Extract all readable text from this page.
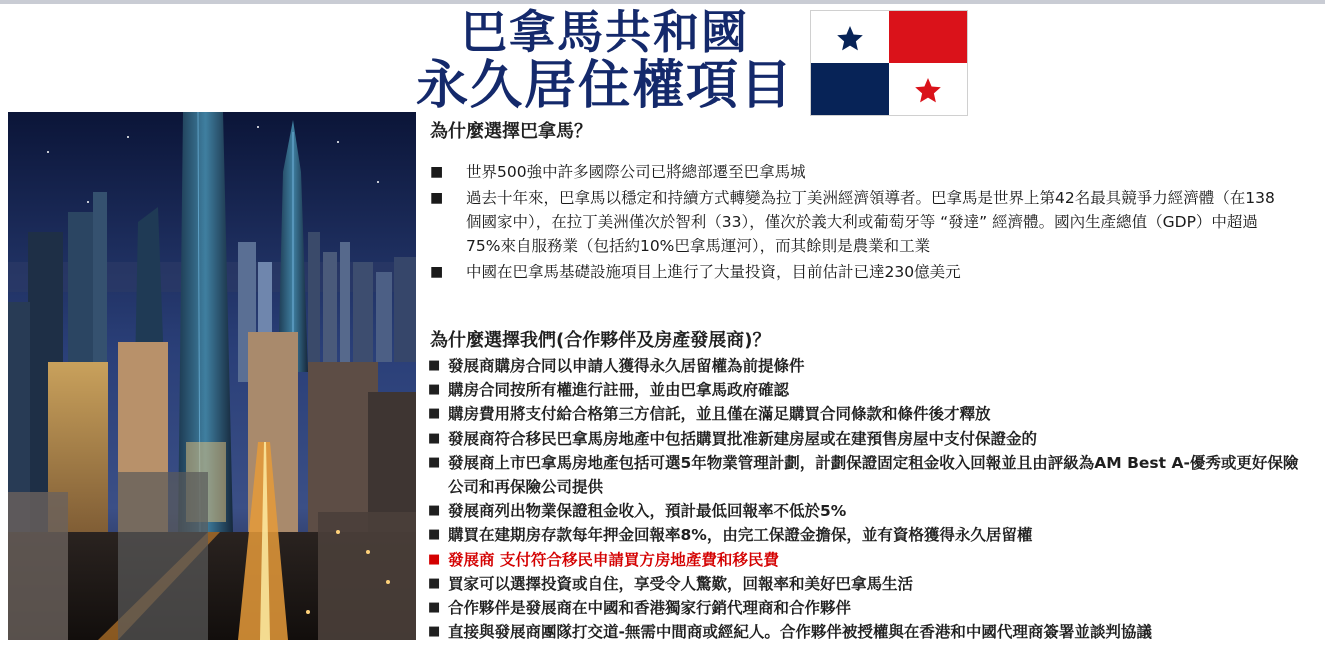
巴拿馬共和國
永久居住權項目
為什麼選擇巴拿馬？
■ 世界500強中許多國際公司已將總部遷至巴拿馬城
■ 過去十年來，巴拿馬以穩定和持續方式轉變為拉丁美洲經濟領導者。巴拿馬是世界上第42名最具競爭力經濟體（在138個國家中），在拉丁美洲僅次於智利（33），僅次於義大利或葡萄牙等 “發達” 經濟體。國內生產總值（GDP）中超過75%來自服務業（包括約10%巴拿馬運河），而其餘則是農業和工業
■ 中國在巴拿馬基礎設施項目上進行了大量投資，目前估計已達230億美元
為什麼選擇我們(合作夥伴及房產發展商)？
■ 發展商購房合同以申請人獲得永久居留權為前提條件
■ 購房合同按所有權進行註冊，並由巴拿馬政府確認
■ 購房費用將支付給合格第三方信託，並且僅在滿足購買合同條款和條件後才釋放
■ 發展商符合移民巴拿馬房地產中包括購買批准新建房屋或在建預售房屋中支付保證金的
■ 發展商上市巴拿馬房地產包括可選5年物業管理計劃，計劃保證固定租金收入回報並且由評級為AM Best A-優秀或更好保險公司和再保險公司提供
■ 發展商列出物業保證租金收入，預計最低回報率不低於5%
■ 購買在建期房存款每年押金回報率8%，由完工保證金擔保，並有資格獲得永久居留權
■ 發展商 支付符合移民申請買方房地產費和移民費
■ 買家可以選擇投資或自住，享受令人驚歎，回報率和美好巴拿馬生活
■ 合作夥伴是發展商在中國和香港獨家行銷代理商和合作夥伴
■ 直接與發展商團隊打交道-無需中間商或經紀人。合作夥伴被授權與在香港和中國代理商簽署並談判協議
